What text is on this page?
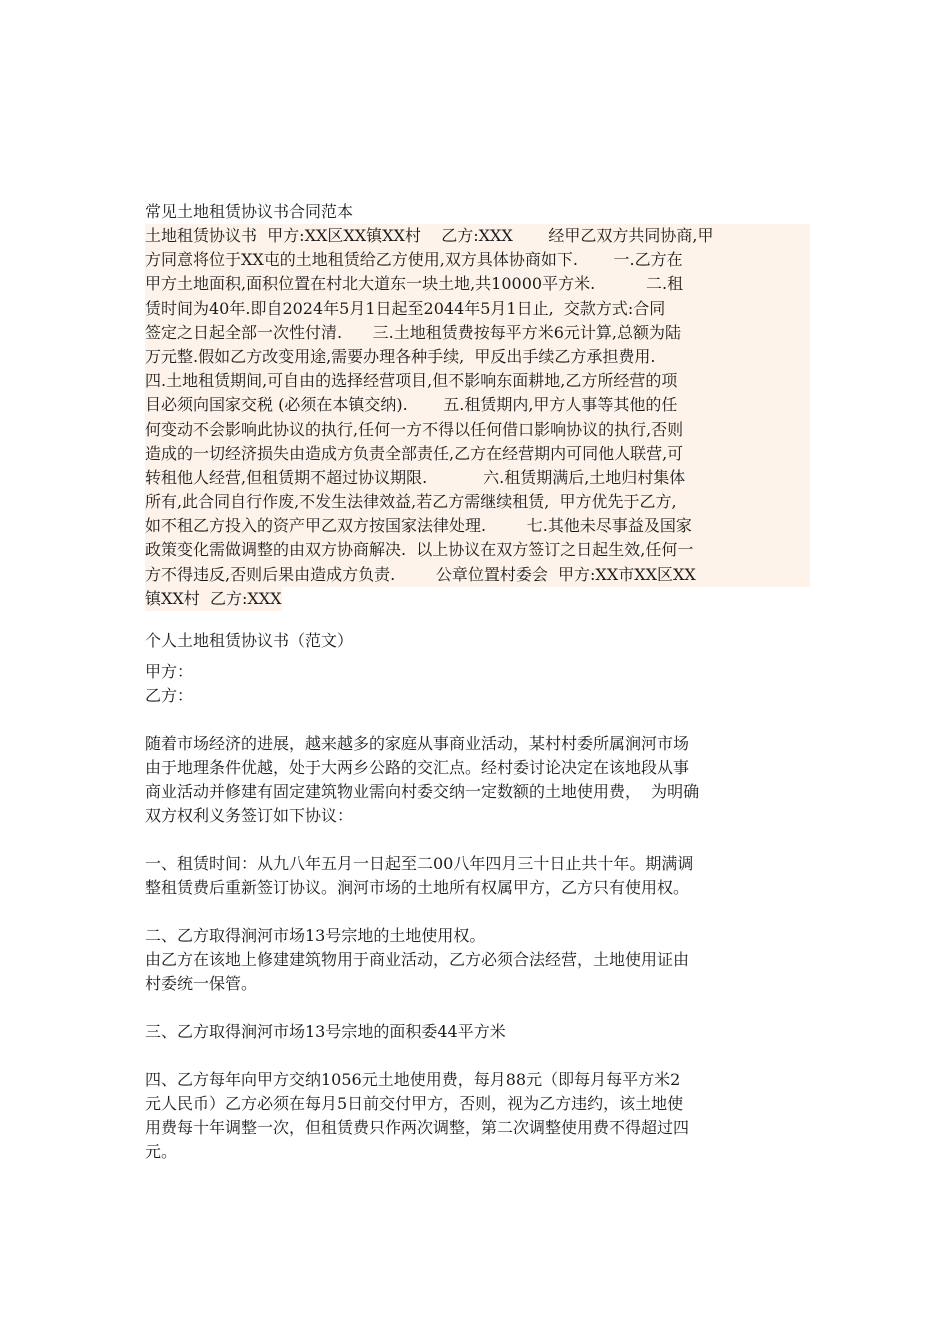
常见土地租赁协议书合同范本
土地租赁协议书  甲方:XX区XX镇XX村    乙方:XXX       经甲乙双方共同协商,甲
方同意将位于XX屯的土地租赁给乙方使用,双方具体协商如下.       一.乙方在
甲方土地面积,面积位置在村北大道东一块土地,共10000平方米.          二.租
赁时间为40年.即自2024年5月1日起至2044年5月1日止,  交款方式:合同
签定之日起全部一次性付清.      三.土地租赁费按每平方米6元计算,总额为陆
万元整.假如乙方改变用途,需要办理各种手续,  甲反出手续乙方承担费用.
四.土地租赁期间,可自由的选择经营项目,但不影响东面耕地,乙方所经营的项
目必须向国家交税 (必须在本镇交纳).       五.租赁期内,甲方人事等其他的任
何变动不会影响此协议的执行,任何一方不得以任何借口影响协议的执行,否则
造成的一切经济损失由造成方负责全部责任,乙方在经营期内可同他人联营,可
转租他人经营,但租赁期不超过协议期限.           六.租赁期满后,土地归村集体
所有,此合同自行作废,不发生法律效益,若乙方需继续租赁,  甲方优先于乙方,
如不租乙方投入的资产甲乙双方按国家法律处理.        七.其他未尽事益及国家
政策变化需做调整的由双方协商解决.  以上协议在双方签订之日起生效,任何一
方不得违反,否则后果由造成方负责.        公章位置村委会  甲方:XX市XX区XX
镇XX村  乙方:XXX
个人土地租赁协议书（范文）
甲方：
乙方：
随着市场经济的进展，越来越多的家庭从事商业活动，某村村委所属涧河市场
由于地理条件优越，处于大两乡公路的交汇点。经村委讨论决定在该地段从事
商业活动并修建有固定建筑物业需向村委交纳一定数额的土地使用费，  为明确
双方权利义务签订如下协议：
一、租赁时间：从九八年五月一日起至二00八年四月三十日止共十年。期满调
整租赁费后重新签订协议。涧河市场的土地所有权属甲方，乙方只有使用权。
二、乙方取得涧河市场13号宗地的土地使用权。
由乙方在该地上修建建筑物用于商业活动，乙方必须合法经营，土地使用证由
村委统一保管。
三、乙方取得涧河市场13号宗地的面积委44平方米
四、乙方每年向甲方交纳1056元土地使用费，每月88元（即每月每平方米2
元人民币）乙方必须在每月5日前交付甲方，否则，视为乙方违约，该土地使
用费每十年调整一次，但租赁费只作两次调整，第二次调整使用费不得超过四
元。
